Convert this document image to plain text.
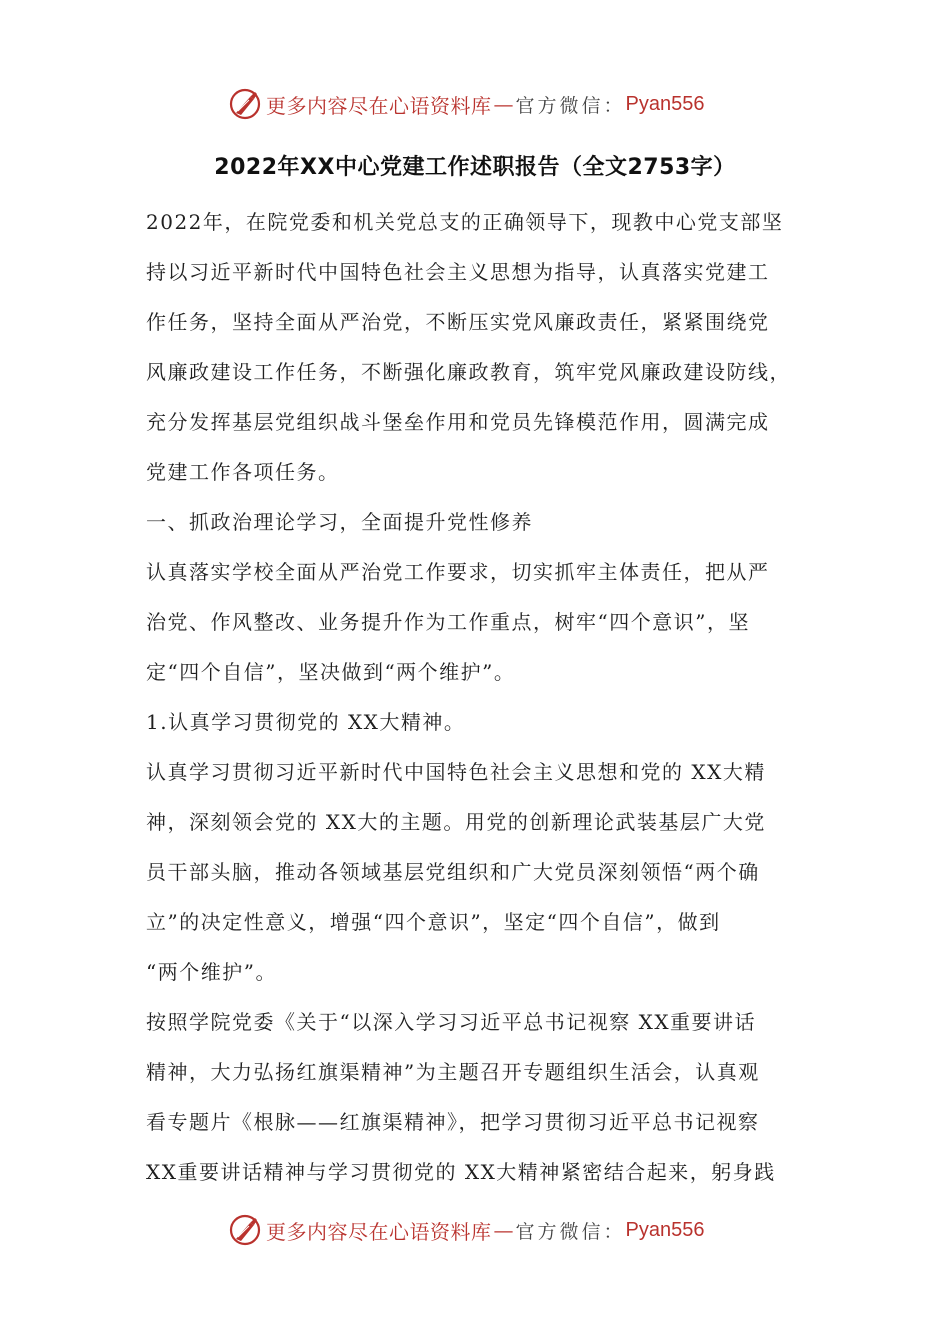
更多内容尽在心语资料库 — 官方微信： Pyan556
2022年XX中心党建工作述职报告（全文2753字）
2022年，在院党委和机关党总支的正确领导下，现教中心党支部坚
持以习近平新时代中国特色社会主义思想为指导，认真落实党建工
作任务，坚持全面从严治党，不断压实党风廉政责任，紧紧围绕党
风廉政建设工作任务，不断强化廉政教育，筑牢党风廉政建设防线，
充分发挥基层党组织战斗堡垒作用和党员先锋模范作用，圆满完成
党建工作各项任务。
一、抓政治理论学习，全面提升党性修养
认真落实学校全面从严治党工作要求，切实抓牢主体责任，把从严
治党、作风整改、业务提升作为工作重点，树牢“四个意识”，坚
定“四个自信”，坚决做到“两个维护”。
1.认真学习贯彻党的 XX大精神。
认真学习贯彻习近平新时代中国特色社会主义思想和党的 XX大精
神，深刻领会党的 XX大的主题。用党的创新理论武装基层广大党
员干部头脑，推动各领域基层党组织和广大党员深刻领悟“两个确
立”的决定性意义，增强“四个意识”，坚定“四个自信”，做到
“两个维护”。
按照学院党委《关于“以深入学习习近平总书记视察 XX重要讲话
精神，大力弘扬红旗渠精神”为主题召开专题组织生活会，认真观
看专题片《根脉——红旗渠精神》，把学习贯彻习近平总书记视察
XX重要讲话精神与学习贯彻党的 XX大精神紧密结合起来，躬身践
更多内容尽在心语资料库 — 官方微信： Pyan556
